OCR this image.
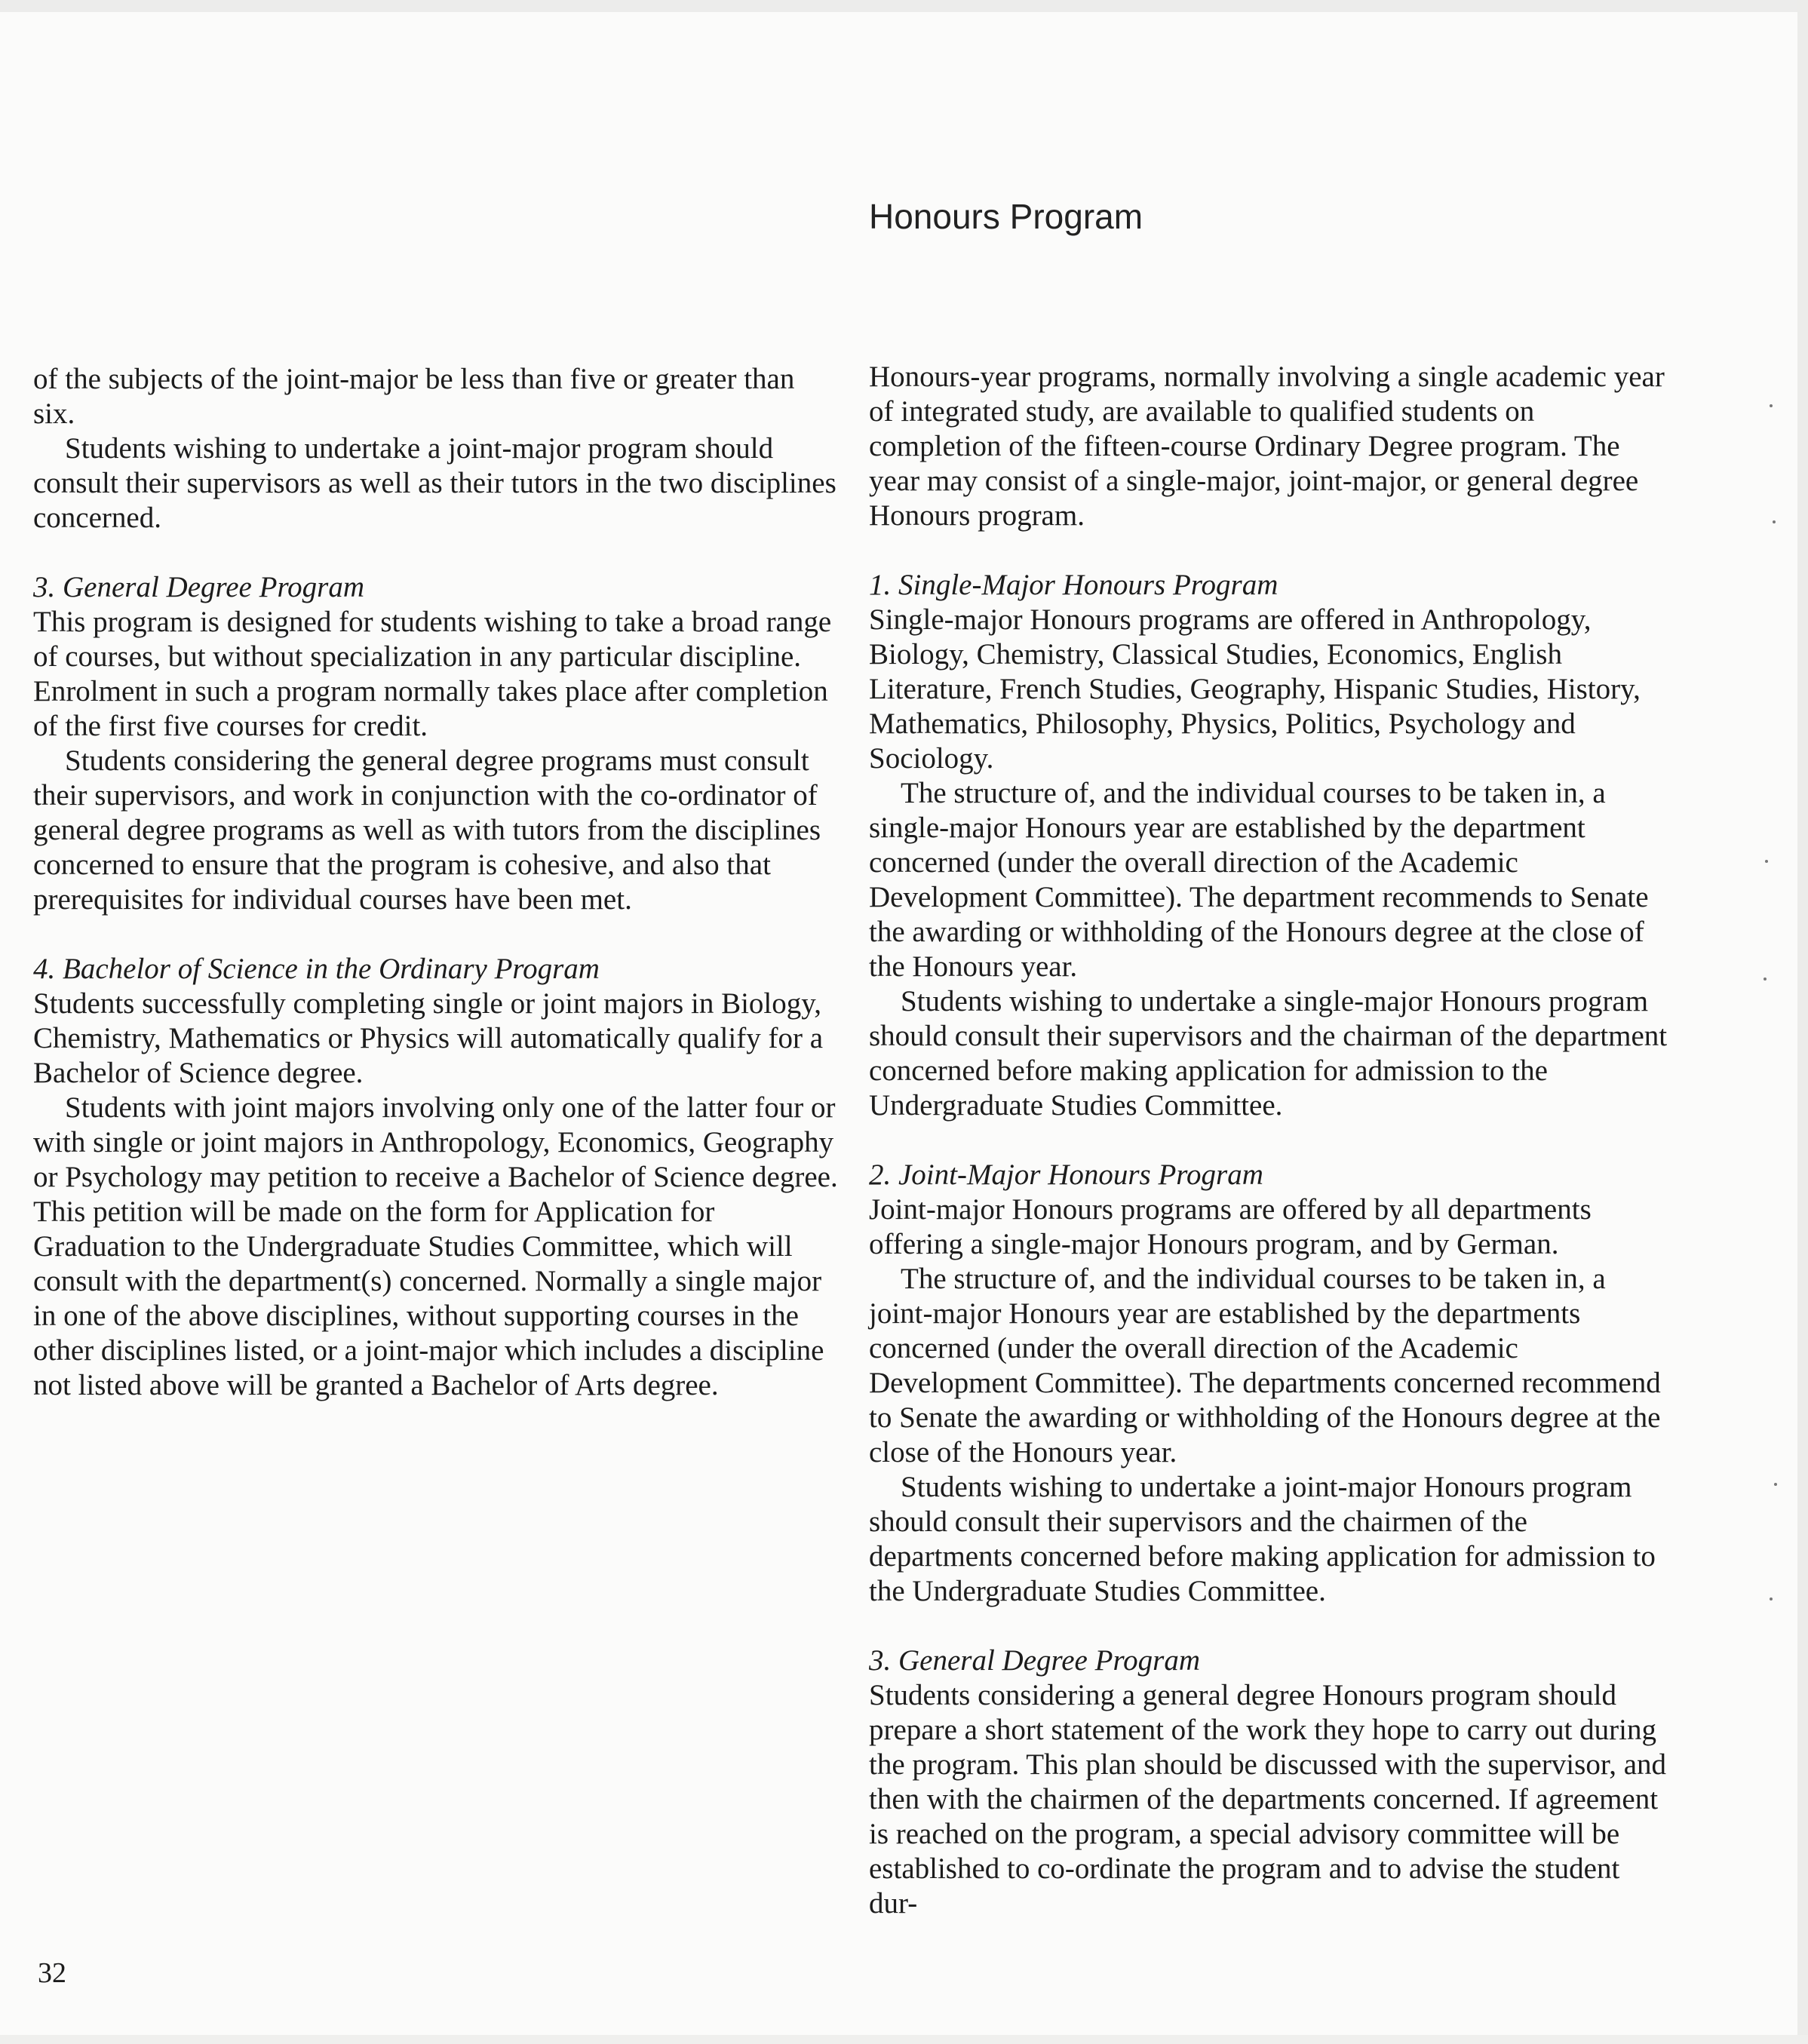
Honours Program

of the subjects of the joint-major be less than five or greater than six.

Students wishing to undertake a joint-major program should consult their supervisors as well as their tutors in the two disciplines concerned.

3. General Degree Program

This program is designed for students wishing to take a broad range of courses, but without specialization in any particular discipline. Enrolment in such a program normally takes place after completion of the first five courses for credit.

Students considering the general degree programs must consult their supervisors, and work in conjunction with the co-ordinator of general degree programs as well as with tutors from the disciplines concerned to ensure that the program is cohesive, and also that prerequisites for individual courses have been met.

4. Bachelor of Science in the Ordinary Program

Students successfully completing single or joint majors in Biology, Chemistry, Mathematics or Physics will automatically qualify for a Bachelor of Science degree.

Students with joint majors involving only one of the latter four or with single or joint majors in Anthropology, Economics, Geography or Psychology may petition to receive a Bachelor of Science degree. This petition will be made on the form for Application for Graduation to the Undergraduate Studies Committee, which will consult with the department(s) concerned. Normally a single major in one of the above disciplines, without supporting courses in the other disciplines listed, or a joint-major which includes a discipline not listed above will be granted a Bachelor of Arts degree.

Honours-year programs, normally involving a single academic year of integrated study, are available to qualified students on completion of the fifteen-course Ordinary Degree program. The year may consist of a single-major, joint-major, or general degree Honours program.

1. Single-Major Honours Program

Single-major Honours programs are offered in Anthropology, Biology, Chemistry, Classical Studies, Economics, English Literature, French Studies, Geography, Hispanic Studies, History, Mathematics, Philosophy, Physics, Politics, Psychology and Sociology.

The structure of, and the individual courses to be taken in, a single-major Honours year are established by the department concerned (under the overall direction of the Academic Development Committee). The department recommends to Senate the awarding or withholding of the Honours degree at the close of the Honours year.

Students wishing to undertake a single-major Honours program should consult their supervisors and the chairman of the department concerned before making application for admission to the Undergraduate Studies Committee.

2. Joint-Major Honours Program

Joint-major Honours programs are offered by all departments offering a single-major Honours program, and by German.

The structure of, and the individual courses to be taken in, a joint-major Honours year are established by the departments concerned (under the overall direction of the Academic Development Committee). The departments concerned recommend to Senate the awarding or withholding of the Honours degree at the close of the Honours year.

Students wishing to undertake a joint-major Honours program should consult their supervisors and the chairmen of the departments concerned before making application for admission to the Undergraduate Studies Committee.

3. General Degree Program

Students considering a general degree Honours program should prepare a short statement of the work they hope to carry out during the program. This plan should be discussed with the supervisor, and then with the chairmen of the departments concerned. If agreement is reached on the program, a special advisory committee will be established to co-ordinate the program and to advise the student dur-

32
